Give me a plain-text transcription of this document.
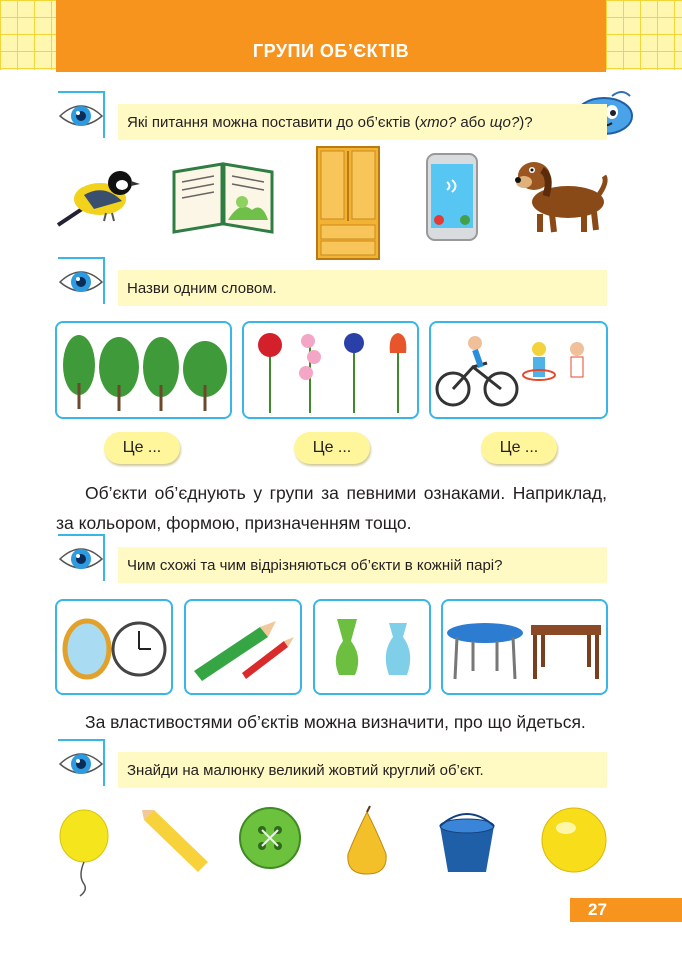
ГРУПИ ОБ’ЄКТІВ
Які питання можна поставити до об’єктів ( хто? або що? )?
Назви одним словом.
Це ...	Це ...	Це ...
Об’єкти об’єднують у групи за певними ознаками. Наприклад, за кольором, формою, призначенням тощо.
Чим схожі та чим відрізняються об’єкти в кожній парі?
За властивостями об’єктів можна визначити, про що йдеться.
Знайди на малюнку великий жовтий круглий об’єкт.
27
